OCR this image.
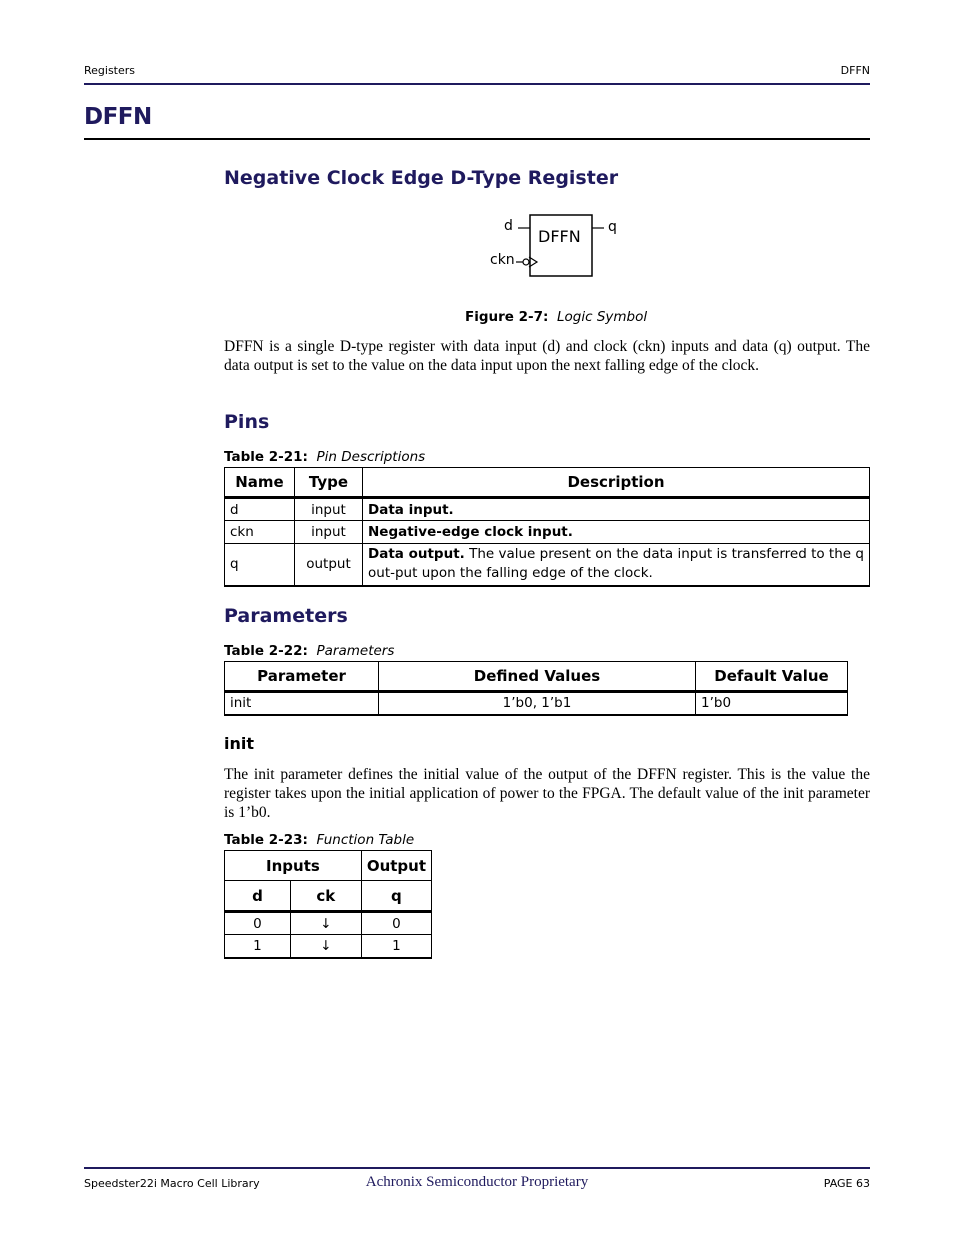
Registers	DFFN
DFFN
Negative Clock Edge D-Type Register
DFFN
d	q
ckn
Figure 2-7: Logic Symbol

DFFN is a single D-type register with data input (d) and clock (ckn) inputs and data (q) output. The data output is set to the value on the data input upon the next falling edge of the clock.

Pins
Table 2-21: Pin Descriptions
Name	Type	Description
d	input	Data input.
ckn	input	Negative-edge clock input.
q	output	Data output. The value present on the data input is transferred to the q out-put upon the falling edge of the clock.
Parameters
Table 2-22: Parameters
Parameter	Defined Values	Default Value
init	1’b0, 1’b1	1’b0
init

The init parameter defines the initial value of the output of the DFFN register. This is the value the register takes upon the initial application of power to the FPGA. The default value of the init parameter is 1’b0.

Table 2-23: Function Table
Inputs		Output
d	ck	q
0	↓	0
1	↓	1
Speedster22i Macro Cell Library	Achronix Semiconductor Proprietary	PAGE 63
